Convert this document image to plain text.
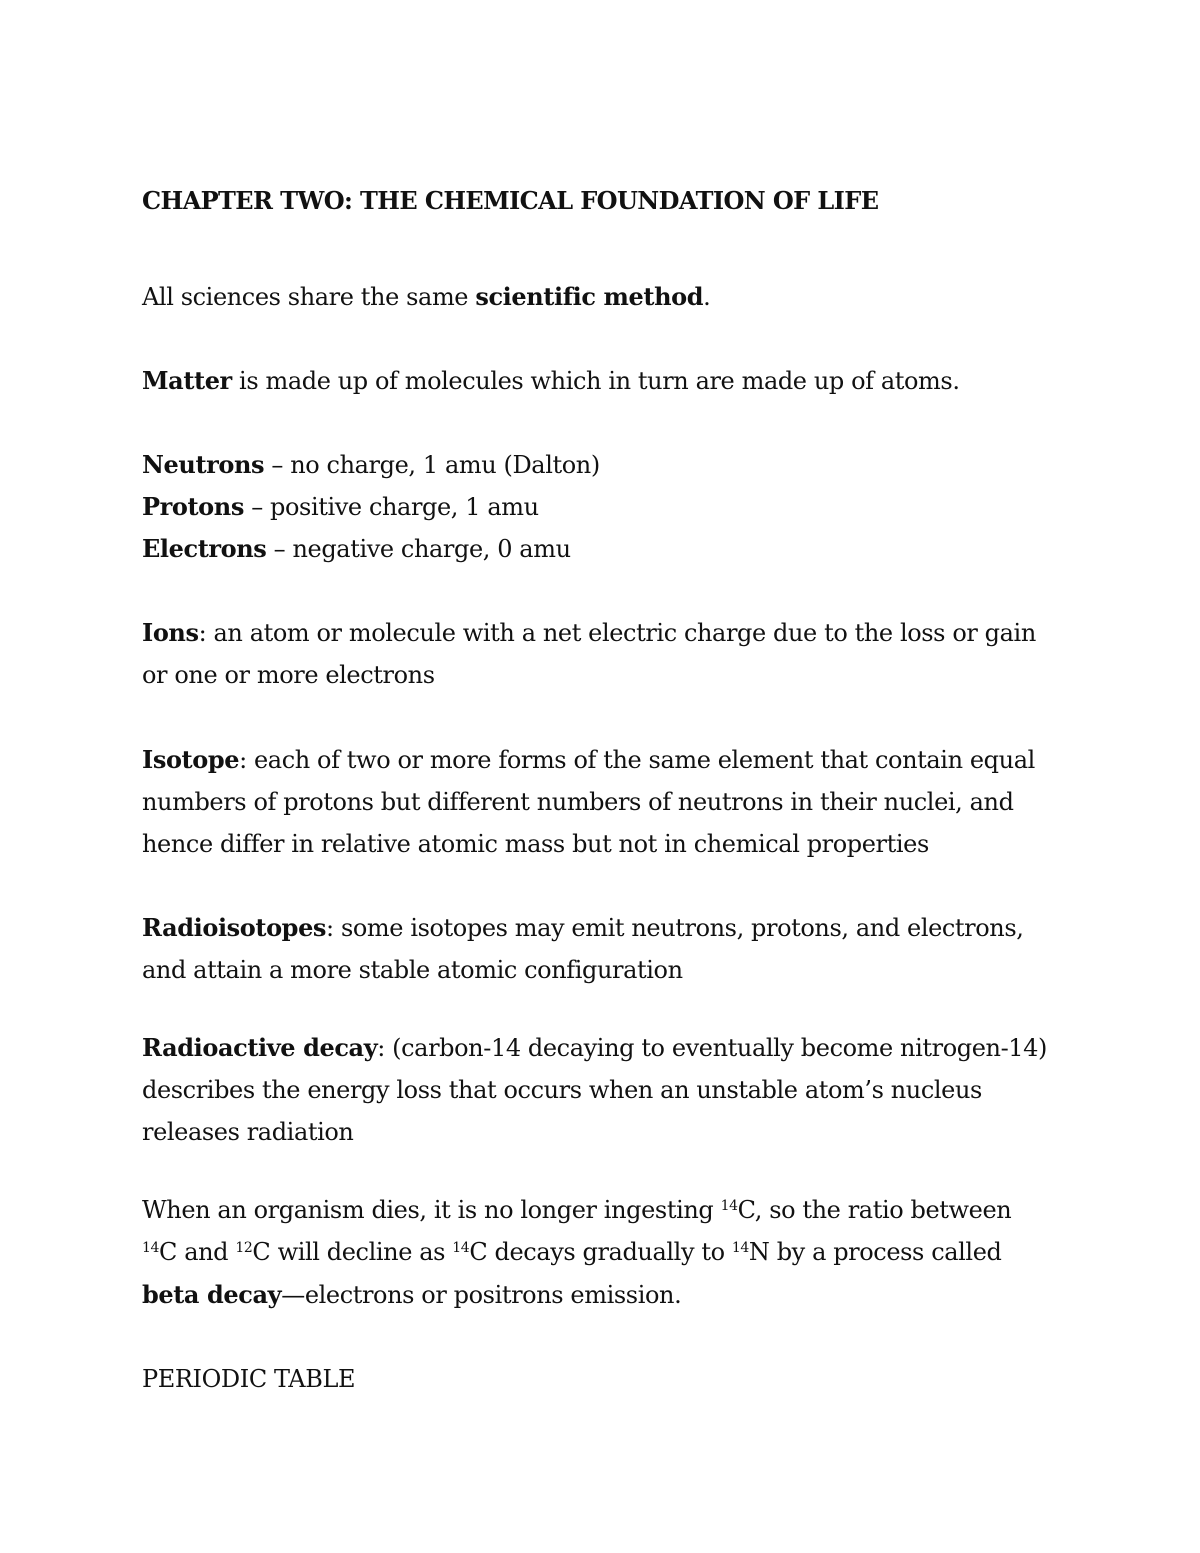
CHAPTER TWO: THE CHEMICAL FOUNDATION OF LIFE
All sciences share the same scientific method.
Matter is made up of molecules which in turn are made up of atoms.
Neutrons – no charge, 1 amu (Dalton)
Protons – positive charge, 1 amu
Electrons – negative charge, 0 amu
Ions: an atom or molecule with a net electric charge due to the loss or gain
or one or more electrons
Isotope: each of two or more forms of the same element that contain equal
numbers of protons but different numbers of neutrons in their nuclei, and
hence differ in relative atomic mass but not in chemical properties
Radioisotopes: some isotopes may emit neutrons, protons, and electrons,
and attain a more stable atomic configuration
Radioactive decay: (carbon-14 decaying to eventually become nitrogen-14)
describes the energy loss that occurs when an unstable atom’s nucleus
releases radiation
When an organism dies, it is no longer ingesting $^{14}$C, so the ratio between
$^{14}$C and $^{12}$C will decline as $^{14}$C decays gradually to $^{14}$N by a process called
beta decay—electrons or positrons emission.
PERIODIC TABLE
